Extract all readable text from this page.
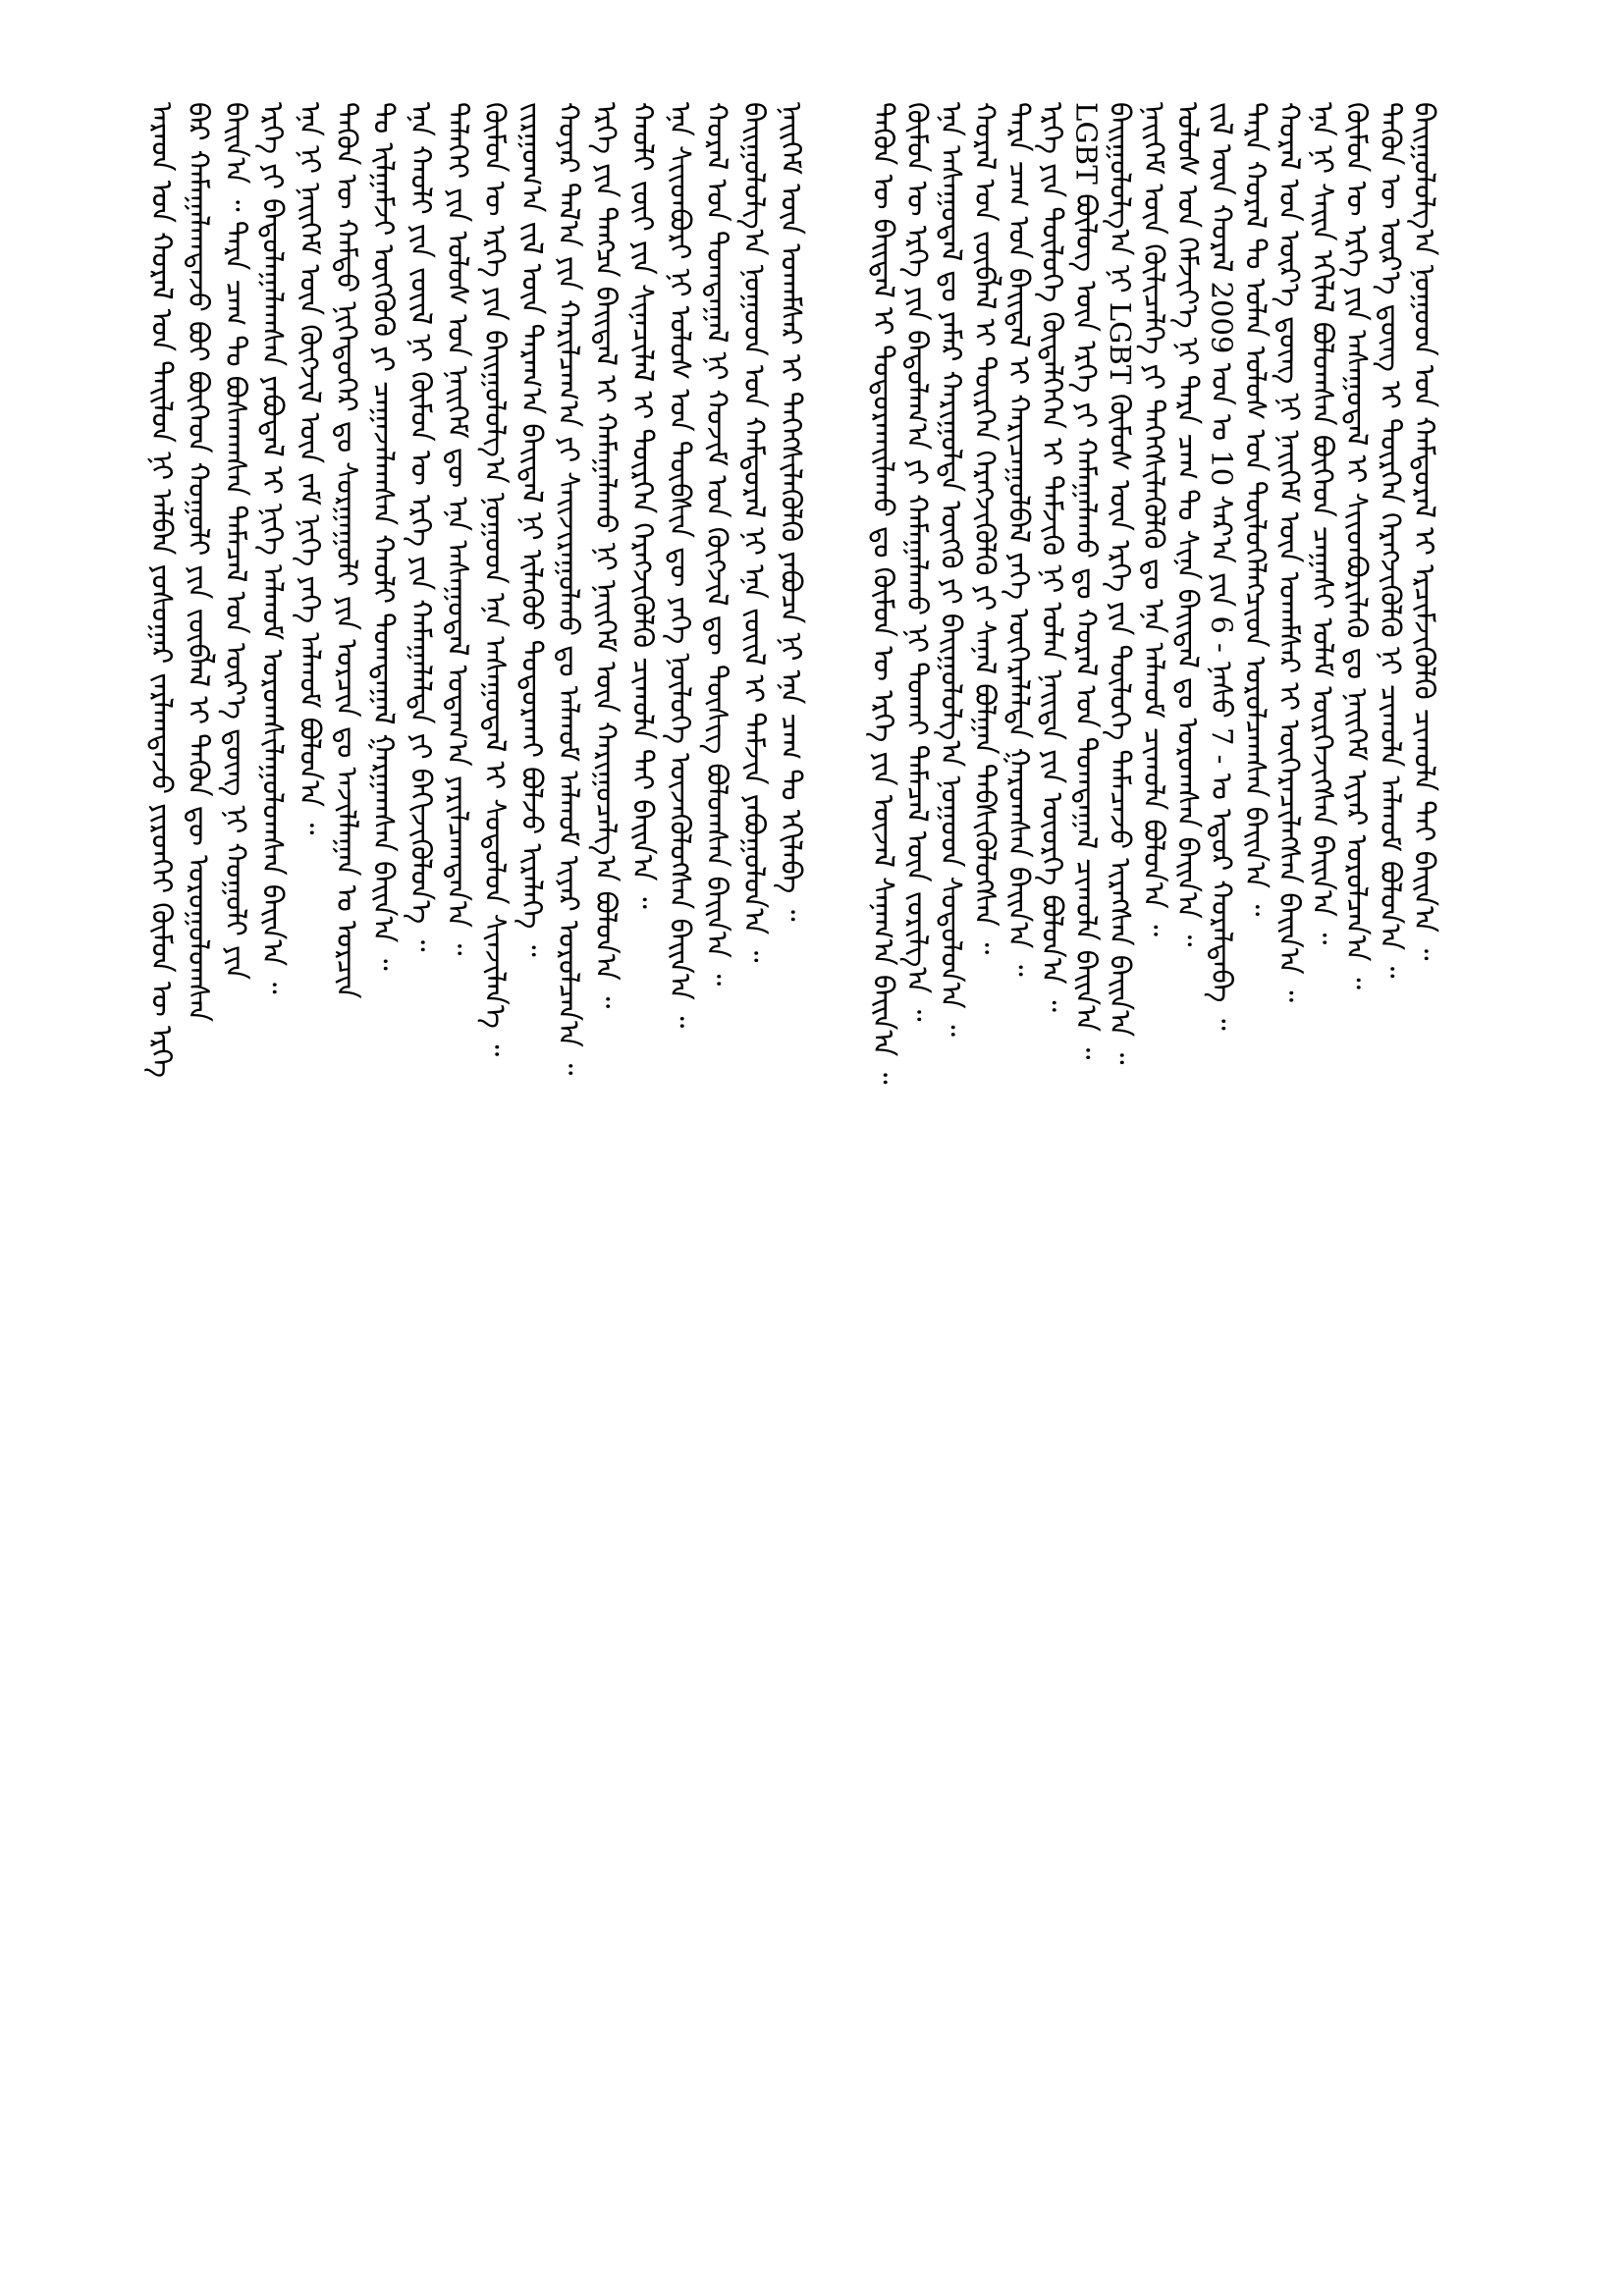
ᠠᠷᠠᠳ ᠤᠨ ᠬᠤᠷᠠᠯ ᠤᠨ ᠲᠠᠢᠯᠤᠨ ᠨᠢ ᠠᠯᠪᠠᠨ ᠶᠣᠰᠣᠭᠠᠷ ᠵᠠᠷᠯᠠᠭᠳᠠᠵᠤ ᠶᠢᠷᠦᠨᠬᠡᠢ ᠬᠦᠮᠦᠨ ᠦ ᠡᠷᠬᠡ ᠪᠠᠷ ᠬᠠᠮᠠᠭᠠᠯᠠᠭᠳᠠᠵᠤ ᠪᠤᠢ ᠪᠥᠭᠡᠳ ᠬᠤᠭᠤᠯᠢ ᠶᠢᠨ ᠵᠥᠪᠯᠡᠯ ᠢ ᠲᠡᠭᠦᠨ ᠳᠦ ᠣᠷᠤᠭᠤᠯᠤᠭᠰᠠᠨ ᠪᠠᠢᠨ᠎ᠠ ᠃ ᠲᠡᠷᠡ ᠴᠠᠭ ᠲᠤ ᠪᠣᠰᠬᠠᠭᠰᠠᠨ ᠲᠡᠮᠡᠴᠡᠯ ᠤᠨ ᠦᠷ᠎ᠡ ᠳ᠋ᠦᠩ ᠨᠢ ᠬᠤᠭᠤᠯᠢ ᠶᠢᠨ ᠡᠷᠬᠡ ᠶᠢ ᠪᠠᠲᠤᠯᠠᠭᠠᠯᠠᠭᠰᠠᠨ ᠶᠠᠪᠤᠳᠠᠯ ᠢ ᠨᠢᠭᠡ ᠠᠯᠬᠤᠮ ᠤᠷᠤᠭᠰᠢᠯᠠᠭᠤᠯᠤᠭᠰᠠᠨ ᠪᠠᠢᠨ᠎ᠠ ᠃ ᠡᠨᠡ ᠨᠢ ᠨᠡᠢᠭᠡᠮ ᠦᠨ ᠬᠥᠭᠵᠢᠯ ᠦᠨ ᠵᠠᠮ ᠨᠢᠭᠡ ᠶᠡᠬᠡ ᠠᠯᠬᠤᠮ ᠪᠣᠯᠤᠨ᠎ᠠ ᠃ ᠲᠡᠭᠦᠨ ᠦ ᠬᠠᠮᠲᠤ ᠨᠢᠭᠡᠳᠦᠭᠡᠷ ᠳᠤ ᠰᠤᠷᠭᠠᠭᠤᠯᠢ ᠶᠢᠨ ᠤᠷᠴᠢᠨ ᠳᠤ ᠠᠵᠢᠯᠯᠠᠭᠠᠨ ᠤ ᠣᠷᠴᠢᠨ ᠲᠤ ᠢᠯᠭᠠᠮᠵᠢ ᠥᠭᠭᠦᠬᠦ ᠶᠢ ᠴᠠᠭᠠᠵᠠᠯᠠᠭᠰᠠᠨ ᠬᠠᠤᠯᠢ ᠲᠣᠭᠲᠠᠭᠠᠯ ᠭᠠᠷᠭᠠᠭᠰᠠᠨ ᠪᠠᠢᠨ᠎ᠠ ᠃ ᠡᠨᠡ ᠬᠠᠤᠯᠢ ᠶᠢᠨ ᠵᠦᠢᠯ ᠨᠢ ᠬᠦᠮᠦᠨ ᠦ ᠡᠷᠬᠡ ᠶᠢᠨ ᠬᠠᠮᠠᠭᠠᠯᠠᠯᠲᠠ ᠶᠢ ᠪᠡᠬᠢᠵᠢᠭᠦᠯᠦᠨ᠎ᠡ ᠃ ᠳᠡᠯᠡᠬᠡᠢ ᠶᠢᠨ ᠤᠯᠤᠰ ᠤᠨ ᠨᠡᠢᠭᠡᠮ ᠳᠦ ᠡᠨᠡ ᠠᠰᠠᠭᠤᠳᠠᠯ ᠤᠳᠠᠭ᠎ᠠ ᠶᠠᠷᠢᠯᠴᠠᠭᠳᠠᠨ᠎ᠠ ᠃ ᠬᠦᠮᠦᠨ ᠦ ᠡᠷᠬᠡ ᠶᠢᠨ ᠪᠠᠢᠭᠤᠯᠤᠯᠭ᠎ᠠ ᠨᠤᠭᠤᠳ ᠡᠨᠡ ᠠᠰᠠᠭᠤᠳᠠᠯ ᠢ ᠰᠤᠳᠤᠯᠤᠨ ᠰᠢᠨᠵᠢᠯᠡᠨ᠎ᠡ ᠃ ᠵᠢᠷᠭᠤᠭ᠎ᠠ ᠵᠢᠯ ᠦᠨ ᠳᠠᠷᠠᠭ᠎ᠠ ᠪᠠᠢᠳᠠᠯ ᠨᠢ ᠢᠯᠡᠭᠦᠦ ᠲᠣᠳᠤᠷᠬᠠᠢ ᠪᠣᠯᠵᠤ ᠢᠷᠡᠯᠡᠭᠡ ᠃ ᠬᠣᠶᠠᠷ ᠲᠠᠯ᠎ᠠ ᠶᠢᠨ ᠬᠠᠷᠢᠯᠴᠠᠭ᠎ᠠ ᠶᠢ ᠰᠠᠢᠵᠢᠷᠠᠭᠤᠯᠬᠤ ᠳᠤ ᠠᠯᠬᠤᠮ ᠠᠯᠬᠤᠮ ᠢᠶᠠᠷ ᠣᠷᠤᠯᠴᠠᠨ᠎ᠠ ᠃ ᠡᠷᠬᠡ ᠶᠢᠨ ᠲᠡᠩᠴᠡ ᠪᠠᠢᠳᠠᠯ ᠢ ᠬᠠᠮᠠᠭᠠᠯᠠᠬᠤ ᠨᠢ ᠨᠡᠢᠭᠡᠮ ᠦᠨ ᠬᠠᠷᠢᠭᠤᠴᠠᠯᠭ᠎ᠠ ᠪᠣᠯᠤᠨ᠎ᠠ ᠃ ᠬᠠᠤᠯᠢ ᠵᠦᠢ ᠶᠢᠨ ᠰᠢᠨᠡᠴᠢᠯᠡᠯ ᠢ ᠲᠦᠷᠭᠡᠨ ᠬᠡᠷᠡᠭᠵᠢᠭᠦᠯᠬᠦ ᠴᠢᠬᠤᠯᠠ ᠲᠠᠢ ᠪᠠᠢᠨ᠎ᠠ ᠃ ᠡᠨᠡ ᠰᠢᠢᠳᠪᠦᠷᠢ ᠨᠢ ᠤᠯᠤᠰ ᠤᠨ ᠲᠦᠪᠰᠢᠨ ᠳᠦ ᠶᠡᠬᠡ ᠨᠥᠯᠦᠭᠡ ᠦᠵᠡᠭᠦᠯᠦᠭᠰᠡᠨ ᠪᠠᠢᠨ᠎ᠠ ᠃ ᠬᠤᠷᠠᠯ ᠤᠨ ᠲᠣᠭᠲᠠᠭᠠᠯ ᠨᠢ ᠬᠣᠵᠢᠮ ᠤᠨ ᠬᠥᠭᠵᠢᠯ ᠳᠦ ᠲᠦᠰᠢᠭ ᠪᠣᠯᠤᠭᠰᠠᠨ ᠪᠠᠢᠨ᠎ᠠ ᠃ ᠪᠠᠢᠭᠤᠯᠤᠯᠭ᠎ᠠ ᠨᠤᠭᠤᠳ ᠤᠨ ᠬᠠᠮᠲᠤᠷᠠᠯ ᠨᠢ ᠡᠨᠡ ᠵᠦᠢᠯ ᠢ ᠳᠡᠮᠵᠢᠨ ᠶᠠᠪᠤᠭᠤᠯᠤᠨ᠎ᠠ ᠃ ᠨᠡᠢᠭᠡᠮ ᠦᠨ ᠤᠬᠠᠮᠰᠠᠷ ᠢ ᠳᠡᠭᠡᠭᠰᠢᠯᠡᠭᠦᠯᠬᠦ ᠶᠠᠪᠤᠴᠠ ᠨᠢ ᠡᠨᠡ ᠴᠠᠭ ᠲᠤ ᠡᠬᠢᠯᠡᠪᠡ ᠃ ᠲᠡᠭᠦᠨ ᠦ ᠪᠠᠢᠳᠠᠯ ᠢ ᠲᠣᠳᠤᠷᠬᠠᠢᠯᠠᠬᠤ ᠳᠤ ᠬᠦᠮᠦᠨ ᠦ ᠡᠷᠬᠡ ᠶᠢᠨ ᠦᠵᠡᠯ ᠰᠠᠨᠠᠭ᠎ᠠ ᠪᠠᠢᠨ᠎ᠠ ᠃ ᠬᠦᠮᠦᠨ ᠦ ᠡᠷᠬᠡ ᠶᠢᠨ ᠪᠠᠲᠤᠯᠠᠭ᠎ᠠ ᠶᠢ ᠬᠠᠮᠠᠭᠠᠯᠠᠬᠤ ᠨᠢ ᠲᠤᠬᠠᠢ ᠲᠡᠮᠡᠴᠡᠯ ᠦᠨ ᠵᠣᠷᠢᠯᠭ᠎ᠠ ᠃ ᠡᠨᠡ ᠠᠰᠠᠭᠤᠳᠠᠯ ᠳᠤ ᠶᠠᠮᠠᠷ ᠬᠠᠷᠢᠭᠤᠯᠲᠠ ᠥᠭᠬᠦ ᠶᠢ ᠪᠠᠢᠭᠤᠯᠤᠯᠭ᠎ᠠ ᠨᠤᠭᠤᠳ ᠰᠤᠳᠤᠯᠤᠨ᠎ᠠ ᠃ ᠬᠤᠷᠠᠯ ᠤᠨ ᠵᠥᠪᠯᠡᠯ ᠢ ᠲᠦᠷᠭᠡᠨ ᠬᠡᠷᠡᠭᠵᠢᠭᠦᠯᠬᠦ ᠶᠢ ᠰᠠᠨᠠᠯ ᠪᠣᠯᠭᠠᠨ ᠳᠡᠪᠰᠢᠭᠦᠯᠦᠭᠰᠡᠨ ᠃ ᠲᠡᠷᠡ ᠴᠠᠭ ᠤᠨ ᠪᠠᠢᠳᠠᠯ ᠢ ᠬᠠᠷᠢᠴᠠᠭᠤᠯᠪᠠᠯ ᠶᠡᠬᠡ ᠥᠭᠡᠷᠡᠯᠡᠯᠲᠡ ᠭᠠᠷᠤᠭᠰᠠᠨ ᠪᠠᠢᠨ᠎ᠠ ᠃ ᠡᠷᠬᠡ ᠶᠢᠨ ᠲᠥᠯᠦᠭᠡ ᠬᠥᠳᠡᠯᠭᠡᠭᠡᠨ ᠢ ᠳᠡᠮᠵᠢᠬᠦ ᠨᠢ ᠣᠯᠠᠨ ᠨᠡᠢᠲᠡ ᠶᠢᠨ ᠦᠦᠷᠭᠡ ᠪᠣᠯᠤᠨ᠎ᠠ ᠃ LGBT ᠪᠦᠯᠦᠭ ᠦᠨ ᠡᠷᠬᠡ ᠶᠢ ᠬᠠᠮᠠᠭᠠᠯᠠᠬᠤ ᠳᠤ ᠬᠤᠷᠠᠯ ᠤᠨ ᠲᠣᠭᠲᠠᠭᠠᠯ ᠴᠢᠬᠤᠯᠠ ᠪᠠᠢᠨ᠎ᠠ ᠃ ᠪᠠᠢᠭᠤᠯᠤᠯᠭ᠎ᠠ ᠨᠢ LGBT ᠬᠦᠮᠦᠰ ᠦᠨ ᠡᠷᠬᠡ ᠶᠢᠨ ᠲᠥᠯᠦᠭᠡ ᠲᠡᠮᠡᠴᠡᠵᠦ ᠢᠷᠡᠭᠰᠡᠨ ᠪᠠᠢᠨ᠎ᠠ ᠃ ᠨᠡᠢᠭᠡᠮ ᠦᠨ ᠬᠦᠯᠢᠴᠡᠯᠭᠡ ᠶᠢ ᠳᠡᠭᠡᠭᠰᠢᠯᠡᠭᠦᠯᠬᠦ ᠳᠤ ᠡᠨᠡ ᠠᠯᠬᠤᠮ ᠴᠢᠬᠤᠯᠠ ᠪᠣᠯᠤᠨ᠎ᠠ ᠃ ᠤᠯᠤᠰ ᠤᠨ ᠬᠡᠮᠵᠢᠶ᠎ᠡ ᠨᠢ ᠲᠡᠷᠡ ᠴᠠᠭ ᠲᠤ ᠰᠢᠨᠡ ᠪᠠᠢᠳᠠᠯ ᠳᠤ ᠣᠷᠤᠭᠰᠠᠨ ᠪᠠᠢᠨ᠎ᠠ ᠃ ᠵᠢᠯ ᠦᠨ ᠬᠤᠷᠠᠯ 2009 ᠣᠨ ᠤ 10 ᠰᠠᠷ᠎ᠠ ᠶᠢᠨ 6 - ᠨᠠᠰᠤ 7 - ᠤ ᠡᠳᠦᠷ ᠬᠤᠷᠠᠯᠳᠠᠪᠠ ᠃ ᠲᠡᠷᠡ ᠬᠤᠷᠠᠯ ᠲᠤ ᠣᠯᠠᠨ ᠤᠯᠤᠰ ᠤᠨ ᠲᠥᠯᠦᠭᠡᠯᠡᠭᠴᠢᠳ ᠣᠷᠤᠯᠴᠠᠭᠰᠠᠨ ᠪᠠᠢᠨ᠎ᠠ ᠃ ᠬᠤᠷᠠᠯ ᠤᠨ ᠦᠷ᠎ᠡ ᠳ᠋ᠦᠩ ᠨᠢ ᠨᠡᠢᠭᠡᠮ ᠦᠨ ᠤᠬᠠᠮᠰᠠᠷ ᠢ ᠥᠭᠡᠷᠡᠴᠢᠯᠡᠭᠰᠡᠨ ᠪᠠᠢᠨ᠎ᠠ ᠃ ᠡᠨᠡ ᠨᠢ ᠰᠠᠢᠨ ᠡᠬᠢᠯᠡᠯ ᠪᠣᠯᠤᠭᠰᠠᠨ ᠪᠥᠭᠡᠳ ᠴᠠᠭᠠᠰᠢ ᠤᠯᠠᠮ ᠥᠷᠭᠡᠵᠢᠭᠰᠡᠨ ᠪᠠᠢᠨ᠎ᠠ ᠃ ᠬᠦᠮᠦᠨ ᠦ ᠡᠷᠬᠡ ᠶᠢᠨ ᠠᠰᠠᠭᠤᠳᠠᠯ ᠢ ᠰᠢᠢᠳᠪᠦᠷᠢᠯᠡᠬᠦ ᠳᠤ ᠨᠡᠢᠭᠡᠮ ᠢᠶᠡᠷ ᠣᠷᠤᠯᠴᠠᠨ᠎ᠠ ᠃ ᠲᠡᠭᠦᠨ ᠦ ᠦᠷ᠎ᠡ ᠳ᠋ᠦᠩ ᠢ ᠲᠦᠷᠭᠡᠨ ᠬᠡᠷᠡᠭᠵᠢᠭᠦᠯᠬᠦ ᠨᠢ ᠴᠢᠬᠤᠯᠠ ᠠᠯᠬᠤᠮ ᠪᠣᠯᠤᠨ᠎ᠠ ᠃ ᠪᠠᠢᠭᠤᠯᠤᠯᠭ᠎ᠠ ᠨᠤᠭᠤᠳ ᠤᠨ ᠬᠠᠮᠲᠤᠷᠠᠯ ᠢ ᠡᠷᠴᠢᠮᠵᠢᠭᠦᠯᠬᠦ ᠴᠢᠬᠤᠯᠠ ᠲᠠᠢ ᠪᠠᠢᠨ᠎ᠠ ᠃
